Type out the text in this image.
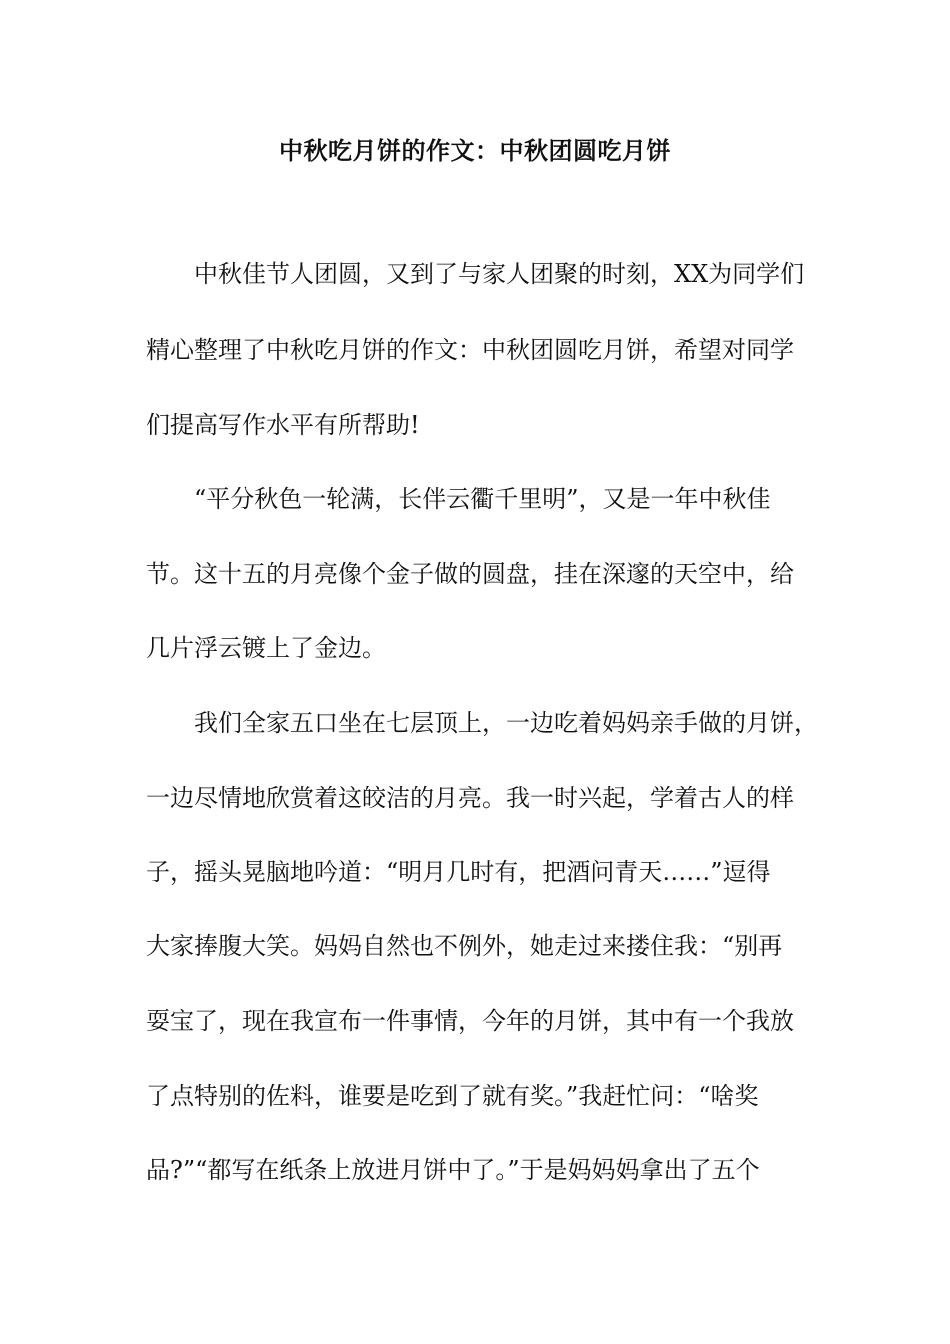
中秋吃月饼的作文：中秋团圆吃月饼
中秋佳节人团圆，又到了与家人团聚的时刻，XX为同学们
精心整理了中秋吃月饼的作文：中秋团圆吃月饼，希望对同学
们提高写作水平有所帮助!
“平分秋色一轮满，长伴云衢千里明”，又是一年中秋佳
节。这十五的月亮像个金子做的圆盘，挂在深邃的天空中，给
几片浮云镀上了金边。
我们全家五口坐在七层顶上，一边吃着妈妈亲手做的月饼，
一边尽情地欣赏着这皎洁的月亮。我一时兴起，学着古人的样
子，摇头晃脑地吟道：“明月几时有，把酒问青天……”逗得
大家捧腹大笑。妈妈自然也不例外，她走过来搂住我：“别再
耍宝了，现在我宣布一件事情，今年的月饼，其中有一个我放
了点特别的佐料，谁要是吃到了就有奖。”我赶忙问：“啥奖
品?”“都写在纸条上放进月饼中了。”于是妈妈妈拿出了五个
